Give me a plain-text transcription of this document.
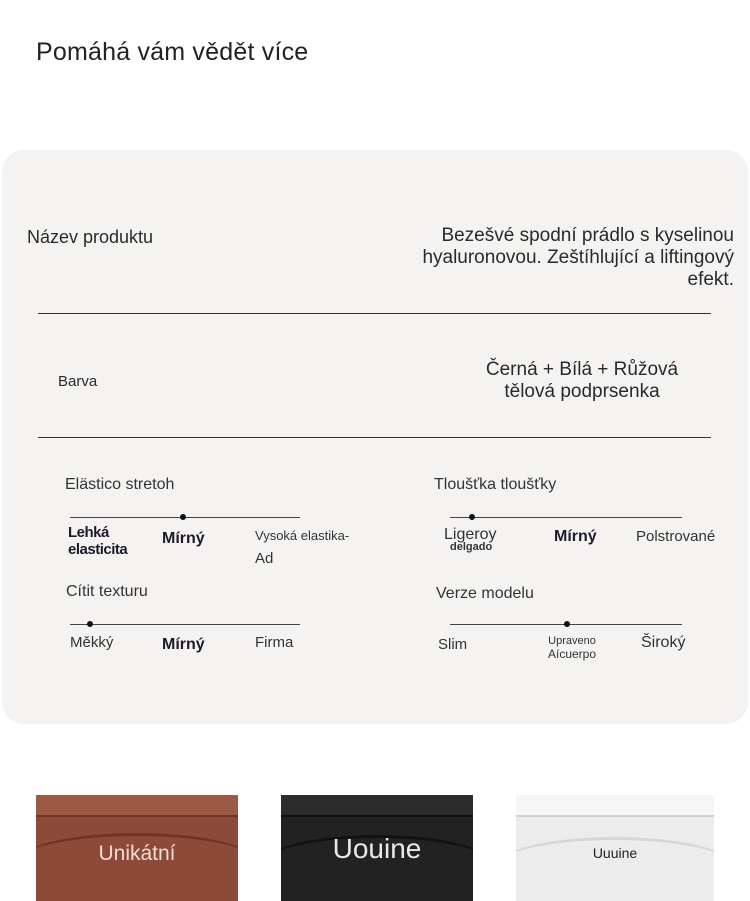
Pomáhá vám vědět více
Název produktu	Bezešvé spodní prádlo s kyselinou
hyaluronovou. Zeštíhlující a liftingový
efekt.
Barva
Černá + Bílá + Růžová
tělová podprsenka
Elästico stretoh
Lehká
elasticita
Mírný	Vysoká elastika-
Ad
Tloušťka tloušťky
Ligeroy
delgado
Mírný	Polstrované
Cítit texturu
Měkký	Mírný	Firma
Verze modelu
Slim	Upraveno
Aícuerpo
Široký
Unikátní	Uouine	Uuuine
